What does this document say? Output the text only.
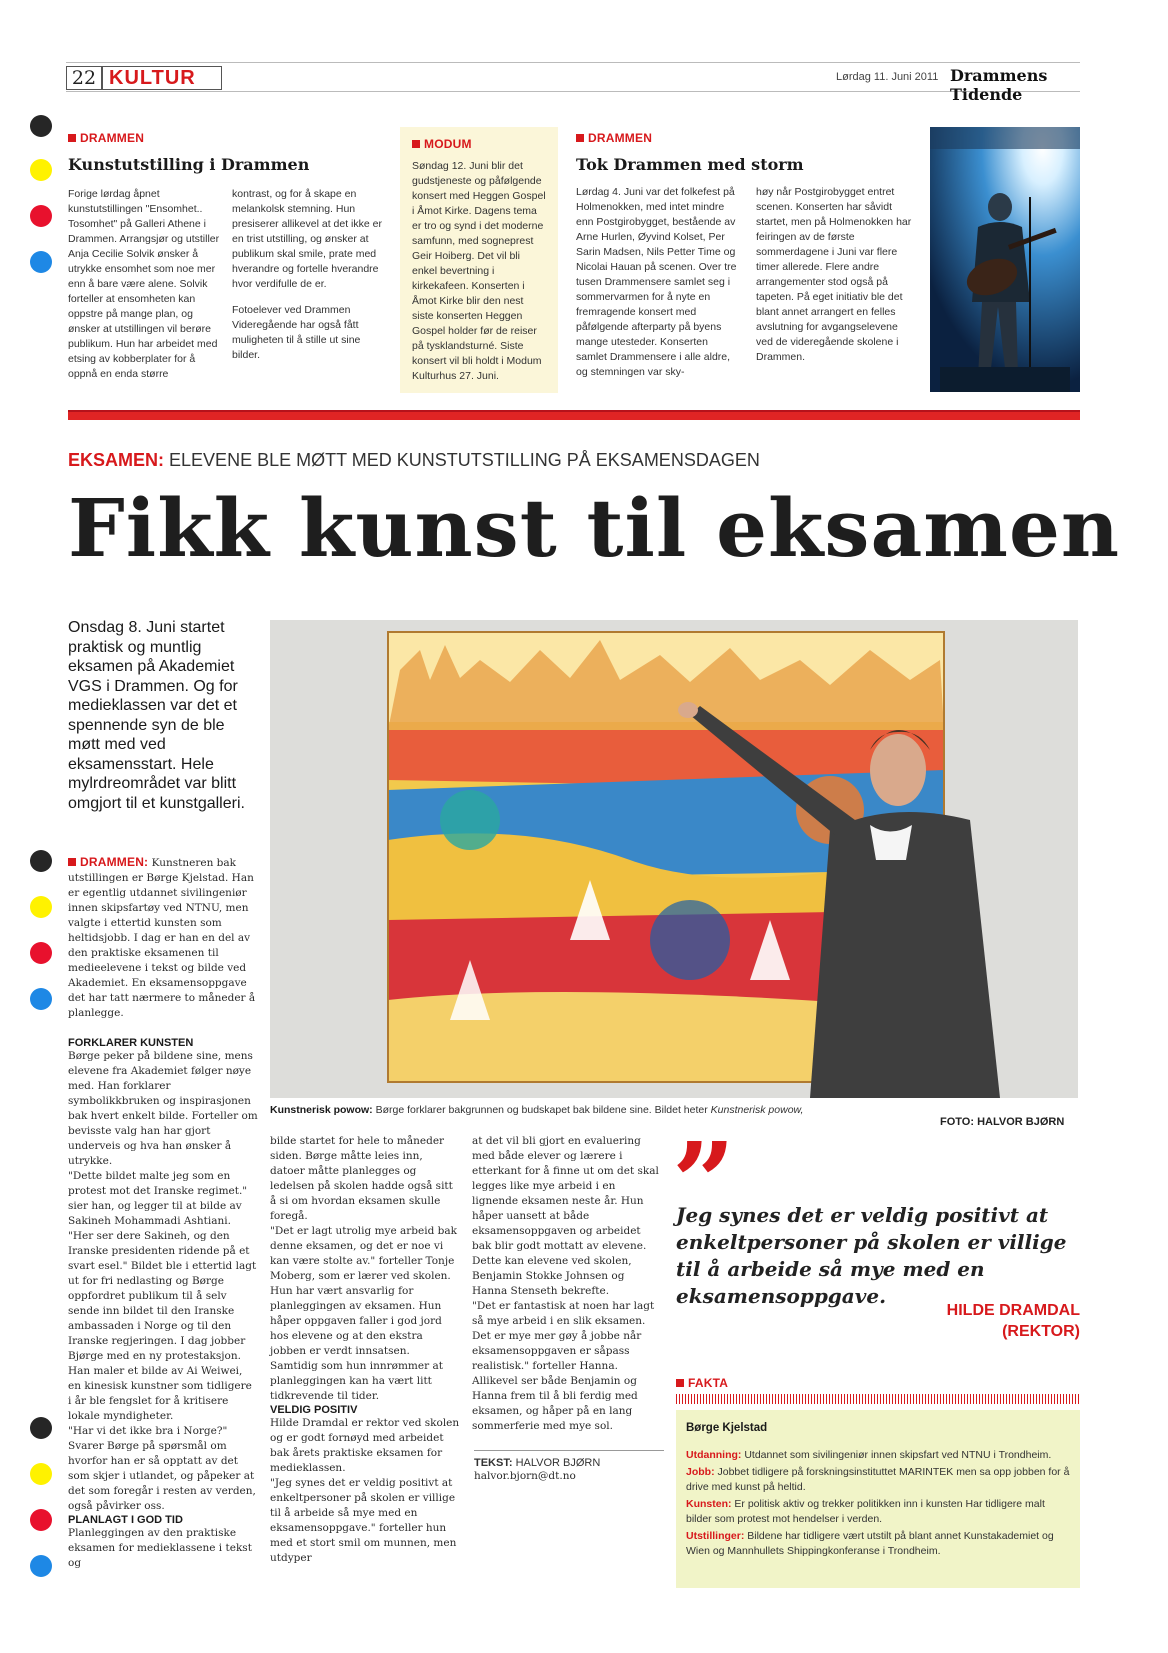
22 KULTUR	Lørdag 11. Juni 2011 Drammens Tidende
DRAMMEN
Kunstutstilling i Drammen
Forige lørdag åpnet kunstutstillingen "Ensomhet.. Tosomhet" på Galleri Athene i Drammen. Arrangsjør og utstiller Anja Cecilie Solvik ønsker å utrykke ensomhet som noe mer enn å bare være alene. Solvik forteller at ensomheten kan oppstre på mange plan, og ønsker at utstillingen vil berøre publikum. Hun har arbeidet med etsing av kobberplater for å oppnå en enda større
kontrast, og for å skape en melankolsk stemning. Hun presiserer allikevel at det ikke er en trist utstilling, og ønsker at publikum skal smile, prate med hverandre og fortelle hverandre hvor verdifulle de er.
Fotoelever ved Drammen Videregående har også fått muligheten til å stille ut sine bilder.
MODUM
Søndag 12. Juni blir det gudstjeneste og påfølgende konsert med Heggen Gospel i Åmot Kirke. Dagens tema er tro og synd i det moderne samfunn, med sogneprest Geir Hoiberg. Det vil bli enkel bevertning i kirkekafeen. Konserten i Åmot Kirke blir den nest siste konserten Heggen Gospel holder før de reiser på tysklandsturné. Siste konsert vil bli holdt i Modum Kulturhus 27. Juni.
DRAMMEN
Tok Drammen med storm
Lørdag 4. Juni var det folkefest på Holmenokken, med intet mindre enn Postgirobygget, bestående av Arne Hurlen, Øyvind Kolset, Per Sarin Madsen, Nils Petter Time og Nicolai Hauan på scenen. Over tre tusen Drammensere samlet seg i sommervarmen for å nyte en fremragende konsert med påfølgende afterparty på byens mange utesteder. Konserten samlet Drammensere i alle aldre, og stemningen var sky-
høy når Postgirobygget entret scenen. Konserten har såvidt startet, men på Holmenokken har feiringen av de første sommerdagene i Juni var flere timer allerede. Flere andre arrangementer stod også på tapeten. På eget initiativ ble det blant annet arrangert en felles avslutning for avgangselevene ved de videregående skolene i Drammen.
EKSAMEN: ELEVENE BLE MØTT MED KUNSTUTSTILLING PÅ EKSAMENSDAGEN
Fikk kunst til eksamen
Onsdag 8. Juni startet praktisk og muntlig eksamen på Akademiet VGS i Drammen. Og for medieklassen var det et spennende syn de ble møtt med ved eksamensstart. Hele mylrdreområdet var blitt omgjort til et kunstgalleri.
Kunstnerisk powow: Børge forklarer bakgrunnen og budskapet bak bildene sine. Bildet heter Kunstnerisk powow,
FOTO: HALVOR BJØRN

DRAMMEN: Kunstneren bak utstillingen er Børge Kjelstad. Han er egentlig utdannet sivilingeniør innen skipsfartøy ved NTNU, men valgte i ettertid kunsten som heltidsjobb. I dag er han en del av den praktiske eksamenen til medieelevene i tekst og bilde ved Akademiet. En eksamensoppgave det har tatt nærmere to måneder å planlegge.

FORKLARER KUNSTEN

Børge peker på bildene sine, mens elevene fra Akademiet følger nøye med. Han forklarer symbolikkbruken og inspirasjonen bak hvert enkelt bilde. Forteller om bevisste valg han har gjort underveis og hva han ønsker å utrykke.

"Dette bildet malte jeg som en protest mot det Iranske regimet." sier han, og legger til at bilde av Sakineh Mohammadi Ashtiani.

"Her ser dere Sakineh, og den Iranske presidenten ridende på et svart esel." Bildet ble i ettertid lagt ut for fri nedlasting og Børge oppfordret publikum til å selv sende inn bildet til den Iranske ambassaden i Norge og til den Iranske regjeringen. I dag jobber Bjørge med en ny protestaksjon. Han maler et bilde av Ai Weiwei, en kinesisk kunstner som tidligere i år ble fengslet for å kritisere lokale myndigheter.

"Har vi det ikke bra i Norge?" Svarer Børge på spørsmål om hvorfor han er så opptatt av det som skjer i utlandet, og påpeker at det som foregår i resten av verden, også påvirker oss.

PLANLAGT I GOD TID

Planleggingen av den praktiske eksamen for medieklassene i tekst og

bilde startet for hele to måneder siden. Børge måtte leies inn, datoer måtte planlegges og ledelsen på skolen hadde også sitt å si om hvordan eksamen skulle foregå.

"Det er lagt utrolig mye arbeid bak denne eksamen, og det er noe vi kan være stolte av." forteller Tonje Moberg, som er lærer ved skolen. Hun har vært ansvarlig for planleggingen av eksamen. Hun håper oppgaven faller i god jord hos elevene og at den ekstra jobben er verdt innsatsen. Samtidig som hun innrømmer at planleggingen kan ha vært litt tidkrevende til tider.

VELDIG POSITIV

Hilde Dramdal er rektor ved skolen og er godt fornøyd med arbeidet bak årets praktiske eksamen for medieklassen.

"Jeg synes det er veldig positivt at enkeltpersoner på skolen er villige til å arbeide så mye med en eksamensoppgave." forteller hun med et stort smil om munnen, men utdyper

at det vil bli gjort en evaluering med både elever og lærere i etterkant for å finne ut om det skal legges like mye arbeid i en lignende eksamen neste år. Hun håper uansett at både eksamensoppgaven og arbeidet bak blir godt mottatt av elevene. Dette kan elevene ved skolen, Benjamin Stokke Johnsen og Hanna Stenseth bekrefte.

"Det er fantastisk at noen har lagt så mye arbeid i en slik eksamen. Det er mye mer gøy å jobbe når eksamensoppgaven er såpass realistisk." forteller Hanna. Allikevel ser både Benjamin og Hanna frem til å bli ferdig med eksamen, og håper på en lang sommerferie med mye sol.

TEKST: HALVOR BJØRN
halvor.bjorn@dt.no
”
Jeg synes det er veldig positivt at enkeltpersoner på skolen er villige til å arbeide så mye med en eksamensoppgave.
HILDE DRAMDAL
(REKTOR)
FAKTA
Børge Kjelstad
Utdanning: Utdannet som sivilingeniør innen skipsfart ved NTNU i Trondheim.
Jobb: Jobbet tidligere på forskningsinstituttet MARINTEK men sa opp jobben for å drive med kunst på heltid.
Kunsten: Er politisk aktiv og trekker politikken inn i kunsten Har tidligere malt bilder som protest mot hendelser i verden.
Utstillinger: Bildene har tidligere vært utstilt på blant annet Kunstakademiet og Wien og Mannhullets Shippingkonferanse i Trondheim.
